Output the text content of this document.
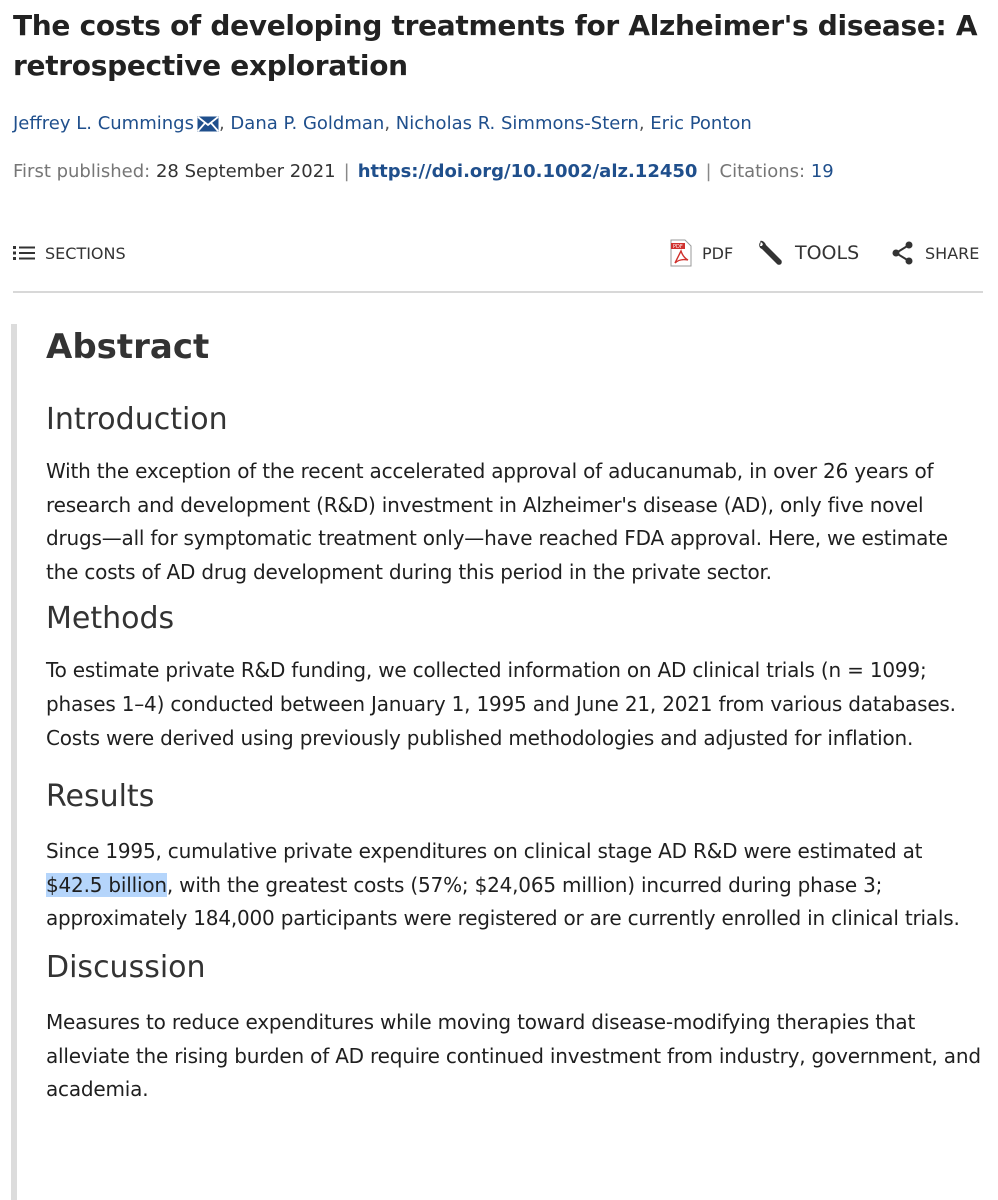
The costs of developing treatments for Alzheimer's disease: A retrospective exploration
Jeffrey L. Cummings , Dana P. Goldman, Nicholas R. Simmons-Stern, Eric Ponton
First published: 28 September 2021 | https://doi.org/10.1002/alz.12450 | Citations: 19
SECTIONS	PDF PDF	TOOLS	SHARE
Abstract
Introduction

With the exception of the recent accelerated approval of aducanumab, in over 26 years of research and development (R&D) investment in Alzheimer's disease (AD), only five novel drugs—all for symptomatic treatment only—have reached FDA approval. Here, we estimate the costs of AD drug development during this period in the private sector.

Methods

To estimate private R&D funding, we collected information on AD clinical trials (n = 1099; phases 1–4) conducted between January 1, 1995 and June 21, 2021 from various databases. Costs were derived using previously published methodologies and adjusted for inflation.

Results

Since 1995, cumulative private expenditures on clinical stage AD R&D were estimated at $42.5 billion, with the greatest costs (57%; $24,065 million) incurred during phase 3; approximately 184,000 participants were registered or are currently enrolled in clinical trials.

Discussion

Measures to reduce expenditures while moving toward disease-modifying therapies that alleviate the rising burden of AD require continued investment from industry, government, and academia.
